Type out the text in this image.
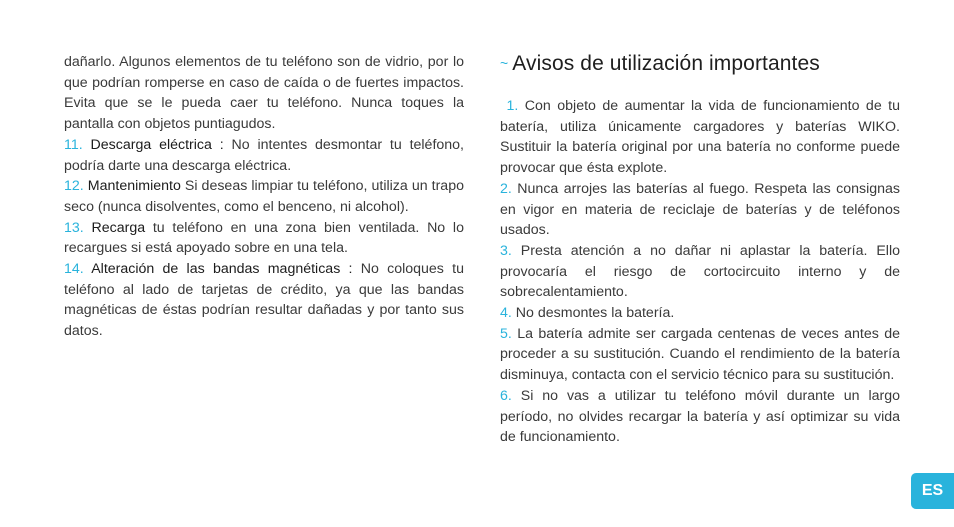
dañarlo. Algunos elementos de tu teléfono son de vidrio, por lo que podrían romperse en caso de caída o de fuertes impactos. Evita que se le pueda caer tu teléfono. Nunca toques la pantalla con objetos puntiagudos.

11. Descarga eléctrica : No intentes desmontar tu teléfono, podría darte una descarga eléctrica.

12. Mantenimiento Si deseas limpiar tu teléfono, utiliza un trapo seco (nunca disolventes, como el benceno, ni alcohol).

13. Recarga tu teléfono en una zona bien ventilada. No lo recargues si está apoyado sobre en una tela.

14. Alteración de las bandas magnéticas : No coloques tu teléfono al lado de tarjetas de crédito, ya que las bandas magnéticas de éstas podrían resultar dañadas y por tanto sus datos.

~ Avisos de utilización importantes

1. Con objeto de aumentar la vida de funcionamiento de tu batería, utiliza únicamente cargadores y baterías WIKO. Sustituir la batería original por una batería no conforme puede provocar que ésta explote.

2. Nunca arrojes las baterías al fuego. Respeta las consignas en vigor en materia de reciclaje de baterías y de teléfonos usados.

3. Presta atención a no dañar ni aplastar la batería. Ello provocaría el riesgo de cortocircuito interno y de sobrecalentamiento.

4. No desmontes la batería.

5. La batería admite ser cargada centenas de veces antes de proceder a su sustitución. Cuando el rendimiento de la batería disminuya, contacta con el servicio técnico para su sustitución.

6. Si no vas a utilizar tu teléfono móvil durante un largo período, no olvides recargar la batería y así optimizar su vida de funcionamiento.

ES
